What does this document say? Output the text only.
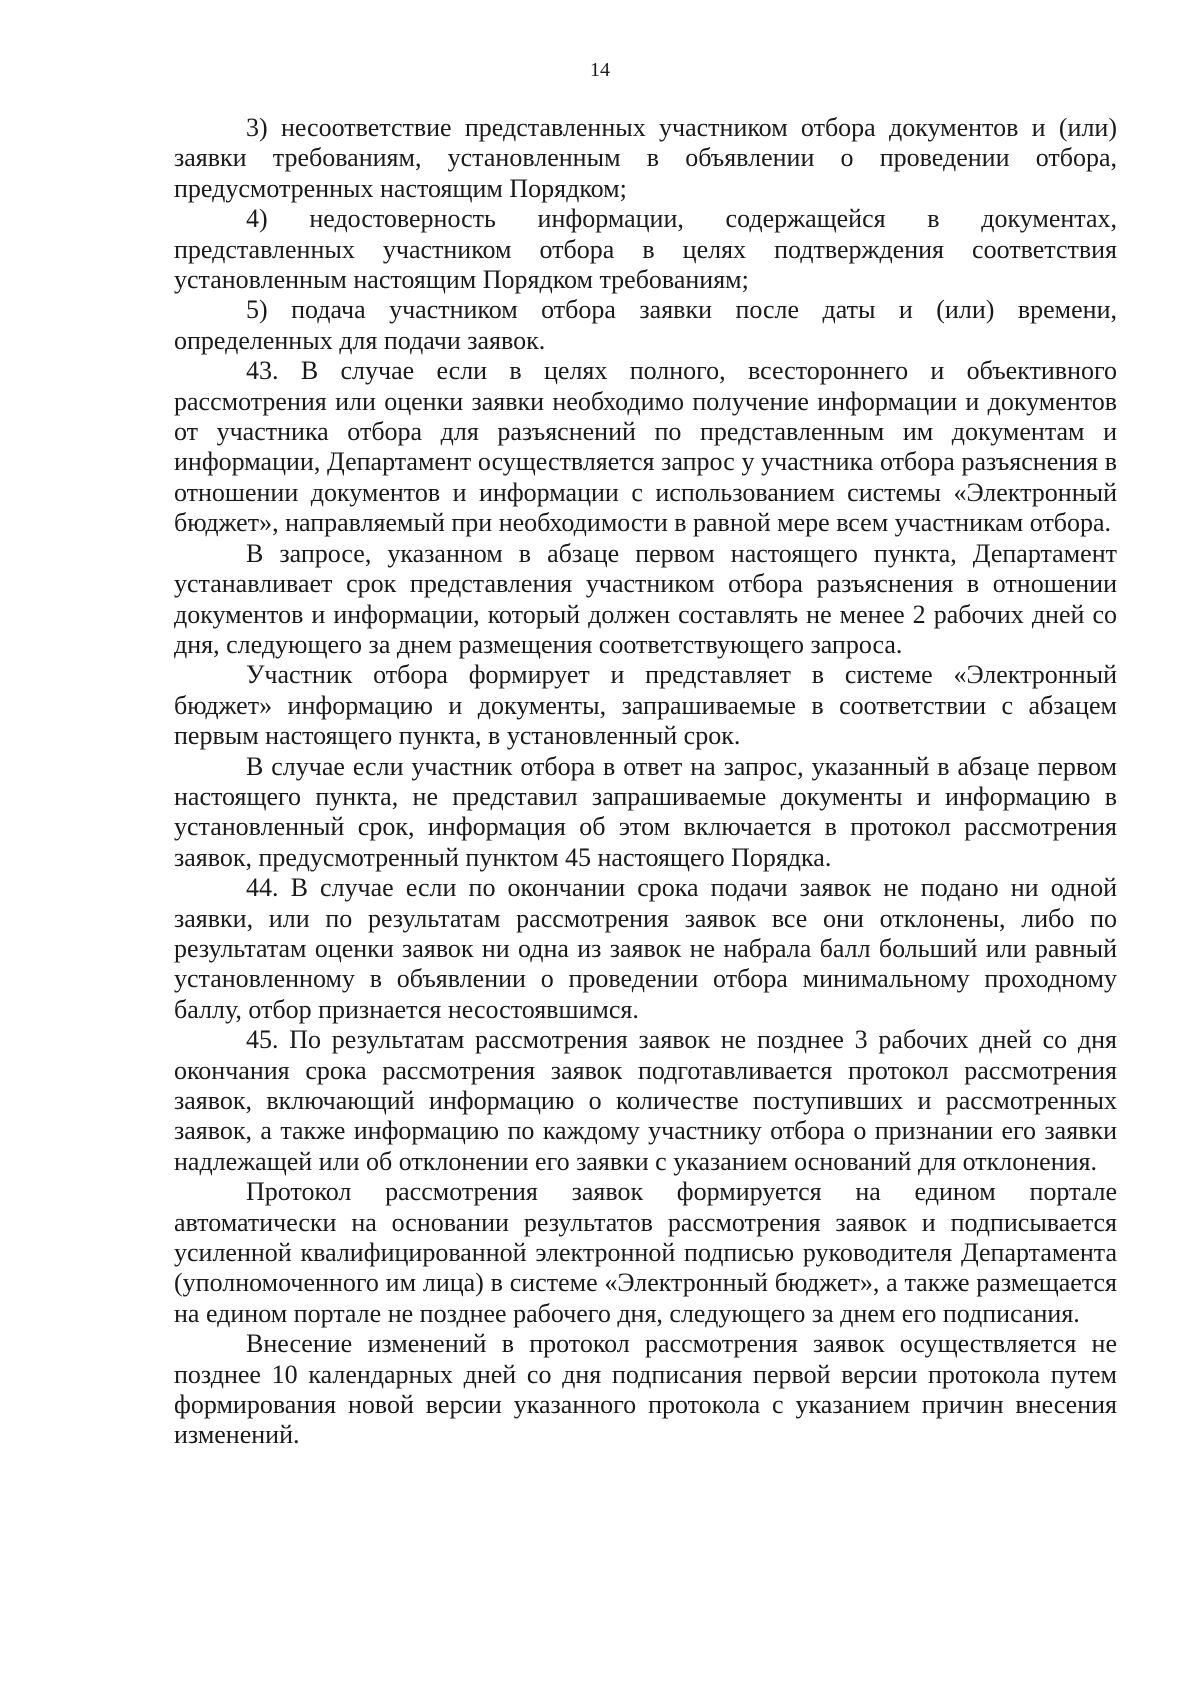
14

3) несоответствие представленных участником отбора документов и (или) заявки требованиям, установленным в объявлении о проведении отбора, предусмотренных настоящим Порядком;

4) недостоверность информации, содержащейся в документах, представленных участником отбора в целях подтверждения соответствия установленным настоящим Порядком требованиям;

5) подача участником отбора заявки после даты и (или) времени, определенных для подачи заявок.

43. В случае если в целях полного, всестороннего и объективного рассмотрения или оценки заявки необходимо получение информации и документов от участника отбора для разъяснений по представленным им документам и информации, Департамент осуществляется запрос у участника отбора разъяснения в отношении документов и информации с использованием системы «Электронный бюджет», направляемый при необходимости в равной мере всем участникам отбора.

В запросе, указанном в абзаце первом настоящего пункта, Департамент устанавливает срок представления участником отбора разъяснения в отношении документов и информации, который должен составлять не менее 2 рабочих дней со дня, следующего за днем размещения соответствующего запроса.

Участник отбора формирует и представляет в системе «Электронный бюджет» информацию и документы, запрашиваемые в соответствии с абзацем первым настоящего пункта, в установленный срок.

В случае если участник отбора в ответ на запрос, указанный в абзаце первом настоящего пункта, не представил запрашиваемые документы и информацию в установленный срок, информация об этом включается в протокол рассмотрения заявок, предусмотренный пунктом 45 настоящего Порядка.

44. В случае если по окончании срока подачи заявок не подано ни одной заявки, или по результатам рассмотрения заявок все они отклонены, либо по результатам оценки заявок ни одна из заявок не набрала балл больший или равный установленному в объявлении о проведении отбора минимальному проходному баллу, отбор признается несостоявшимся.

45. По результатам рассмотрения заявок не позднее 3 рабочих дней со дня окончания срока рассмотрения заявок подготавливается протокол рассмотрения заявок, включающий информацию о количестве поступивших и рассмотренных заявок, а также информацию по каждому участнику отбора о признании его заявки надлежащей или об отклонении его заявки с указанием оснований для отклонения.

Протокол рассмотрения заявок формируется на едином портале автоматически на основании результатов рассмотрения заявок и подписывается усиленной квалифицированной электронной подписью руководителя Департамента (уполномоченного им лица) в системе «Электронный бюджет», а также размещается на едином портале не позднее рабочего дня, следующего за днем его подписания.

Внесение изменений в протокол рассмотрения заявок осуществляется не позднее 10 календарных дней со дня подписания первой версии протокола путем формирования новой версии указанного протокола с указанием причин внесения изменений.
